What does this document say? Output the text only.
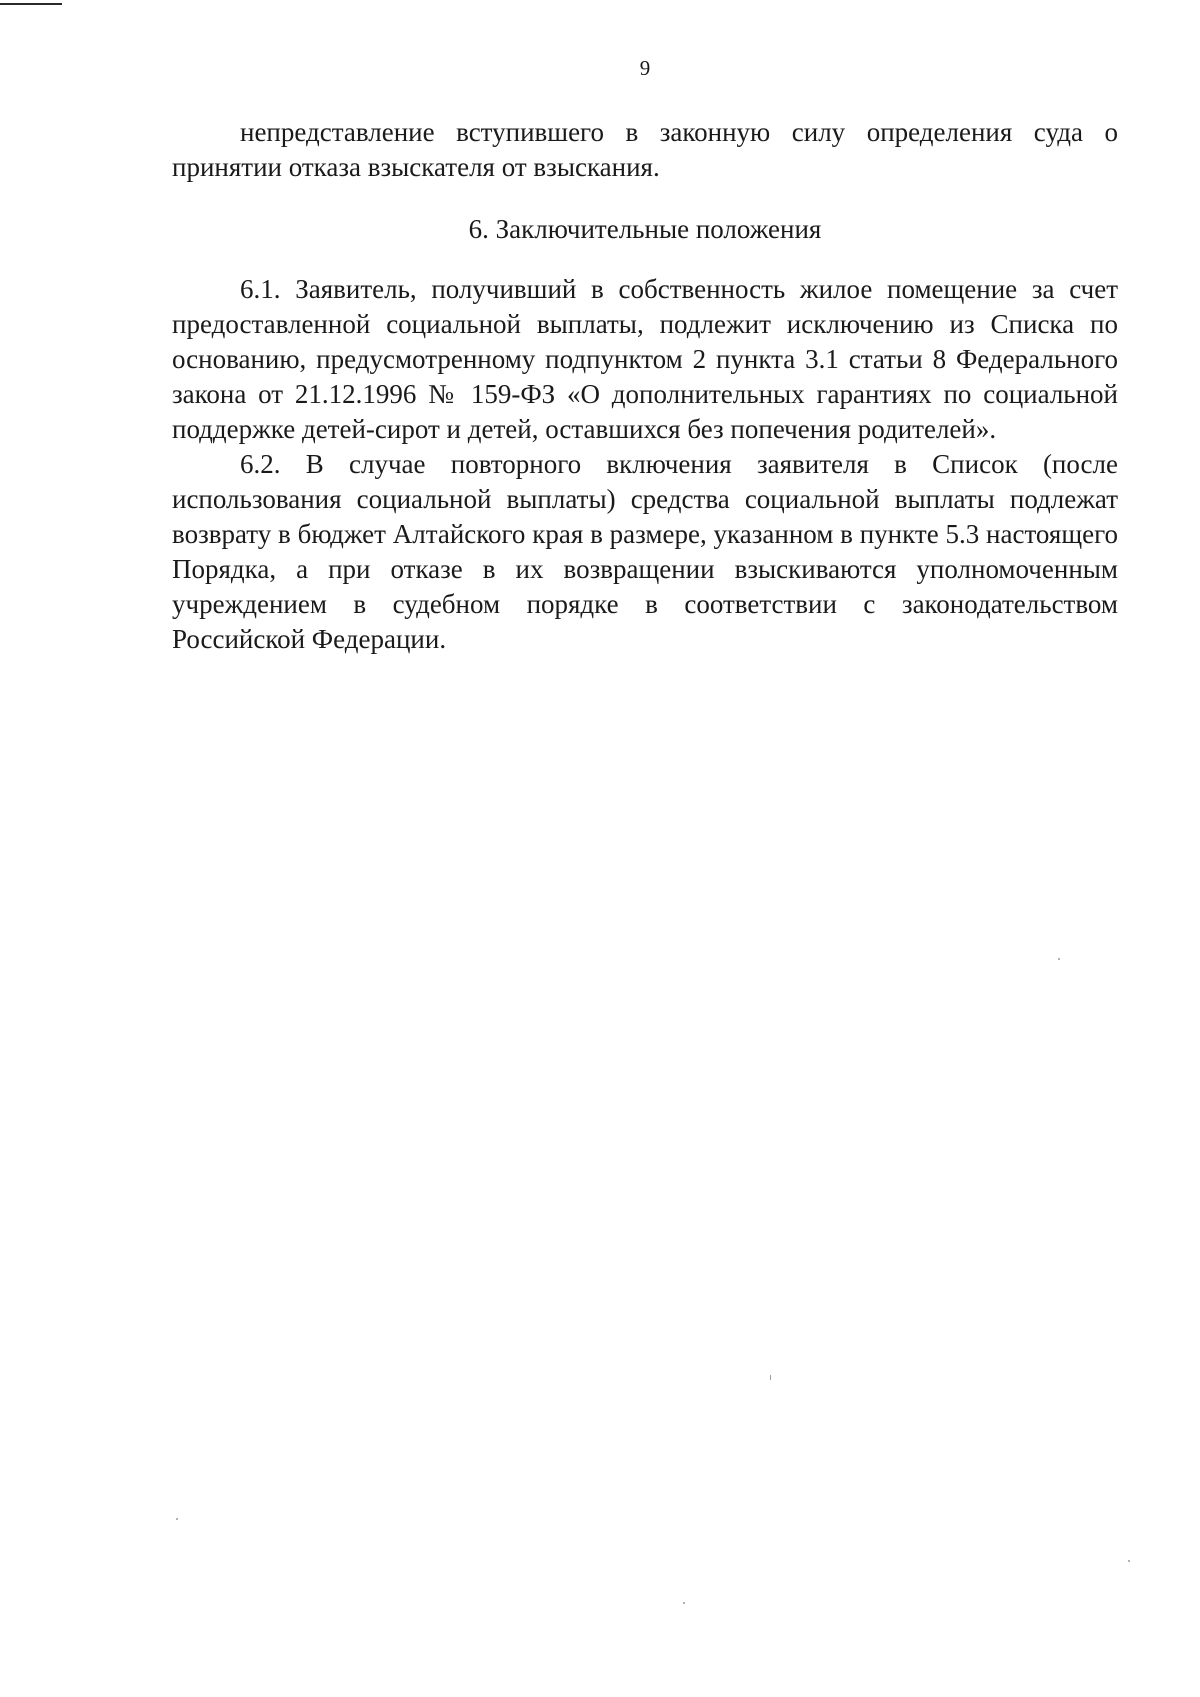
9

непредставление вступившего в законную силу определения суда о принятии отказа взыскателя от взыскания.

6. Заключительные положения

6.1. Заявитель, получивший в собственность жилое помещение за счет предоставленной социальной выплаты, подлежит исключению из Списка по основанию, предусмотренному подпунктом 2 пункта 3.1 статьи 8 Федерального закона от 21.12.1996 № 159-ФЗ «О дополнительных гарантиях по социальной поддержке детей-сирот и детей, оставшихся без попечения родителей».

6.2. В случае повторного включения заявителя в Список (после использования социальной выплаты) средства социальной выплаты подлежат возврату в бюджет Алтайского края в размере, указанном в пункте 5.3 настоящего Порядка, а при отказе в их возвращении взыскиваются уполномоченным учреждением в судебном порядке в соответствии с законодательством Российской Федерации.
